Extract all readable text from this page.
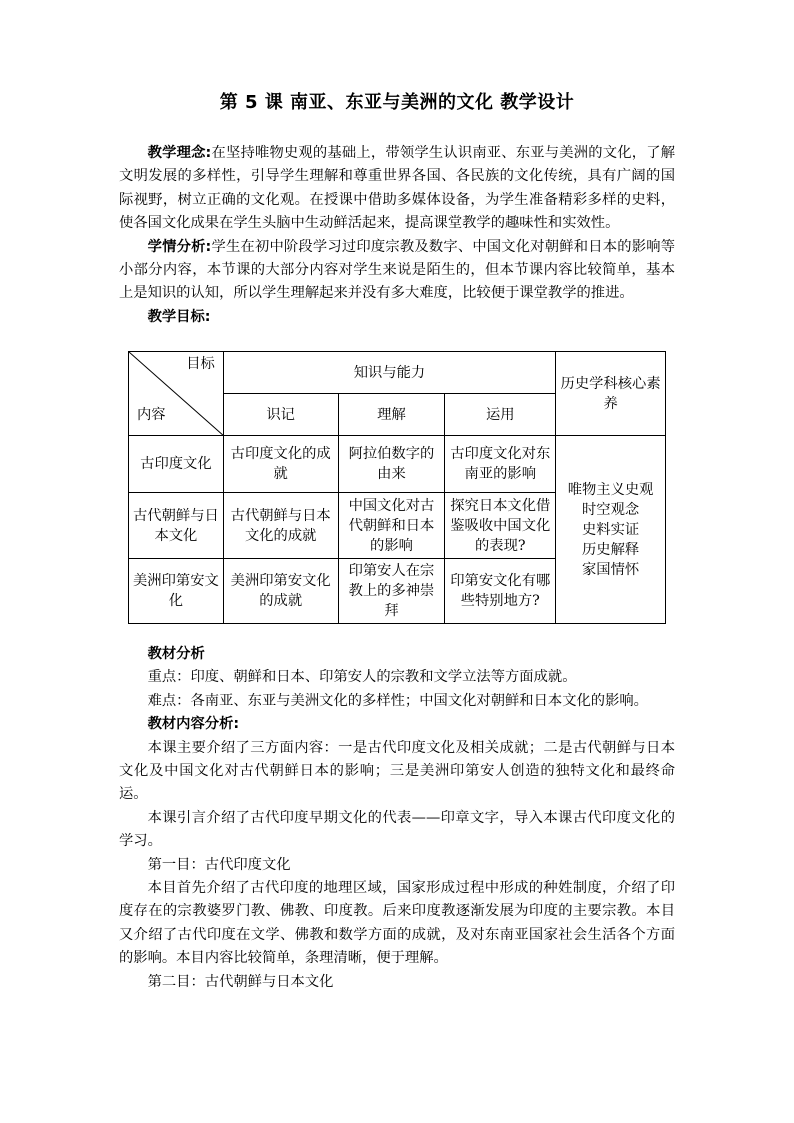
第 5 课 南亚、东亚与美洲的文化 教学设计

教学理念:在坚持唯物史观的基础上，带领学生认识南亚、东亚与美洲的文化，了解文明发展的多样性，引导学生理解和尊重世界各国、各民族的文化传统，具有广阔的国际视野，树立正确的文化观。在授课中借助多媒体设备，为学生准备精彩多样的史料，使各国文化成果在学生头脑中生动鲜活起来，提高课堂教学的趣味性和实效性。

学情分析:学生在初中阶段学习过印度宗教及数字、中国文化对朝鲜和日本的影响等小部分内容，本节课的大部分内容对学生来说是陌生的，但本节课内容比较简单，基本上是知识的认知，所以学生理解起来并没有多大难度，比较便于课堂教学的推进。

教学目标:

目标
内容	知识与能力			历史学科核心素养
	识记	理解	运用	
古印度文化	古印度文化的成就	阿拉伯数字的由来	古印度文化对东南亚的影响	唯物主义史观
时空观念
史料实证
历史解释
家国情怀

古代朝鲜与日本文化	古代朝鲜与日本文化的成就	中国文化对古代朝鲜和日本的影响	探究日本文化借鉴吸收中国文化的表现?	
美洲印第安文化	美洲印第安文化的成就	印第安人在宗教上的多神崇拜	印第安文化有哪些特别地方?	

教材分析

重点：印度、朝鲜和日本、印第安人的宗教和文学立法等方面成就。

难点：各南亚、东亚与美洲文化的多样性；中国文化对朝鲜和日本文化的影响。

教材内容分析:

本课主要介绍了三方面内容：一是古代印度文化及相关成就；二是古代朝鲜与日本文化及中国文化对古代朝鲜日本的影响；三是美洲印第安人创造的独特文化和最终命运。

本课引言介绍了古代印度早期文化的代表——印章文字，导入本课古代印度文化的学习。

第一目：古代印度文化

本目首先介绍了古代印度的地理区域，国家形成过程中形成的种姓制度，介绍了印度存在的宗教婆罗门教、佛教、印度教。后来印度教逐渐发展为印度的主要宗教。本目又介绍了古代印度在文学、佛教和数学方面的成就，及对东南亚国家社会生活各个方面的影响。本目内容比较简单，条理清晰，便于理解。

第二目：古代朝鲜与日本文化
